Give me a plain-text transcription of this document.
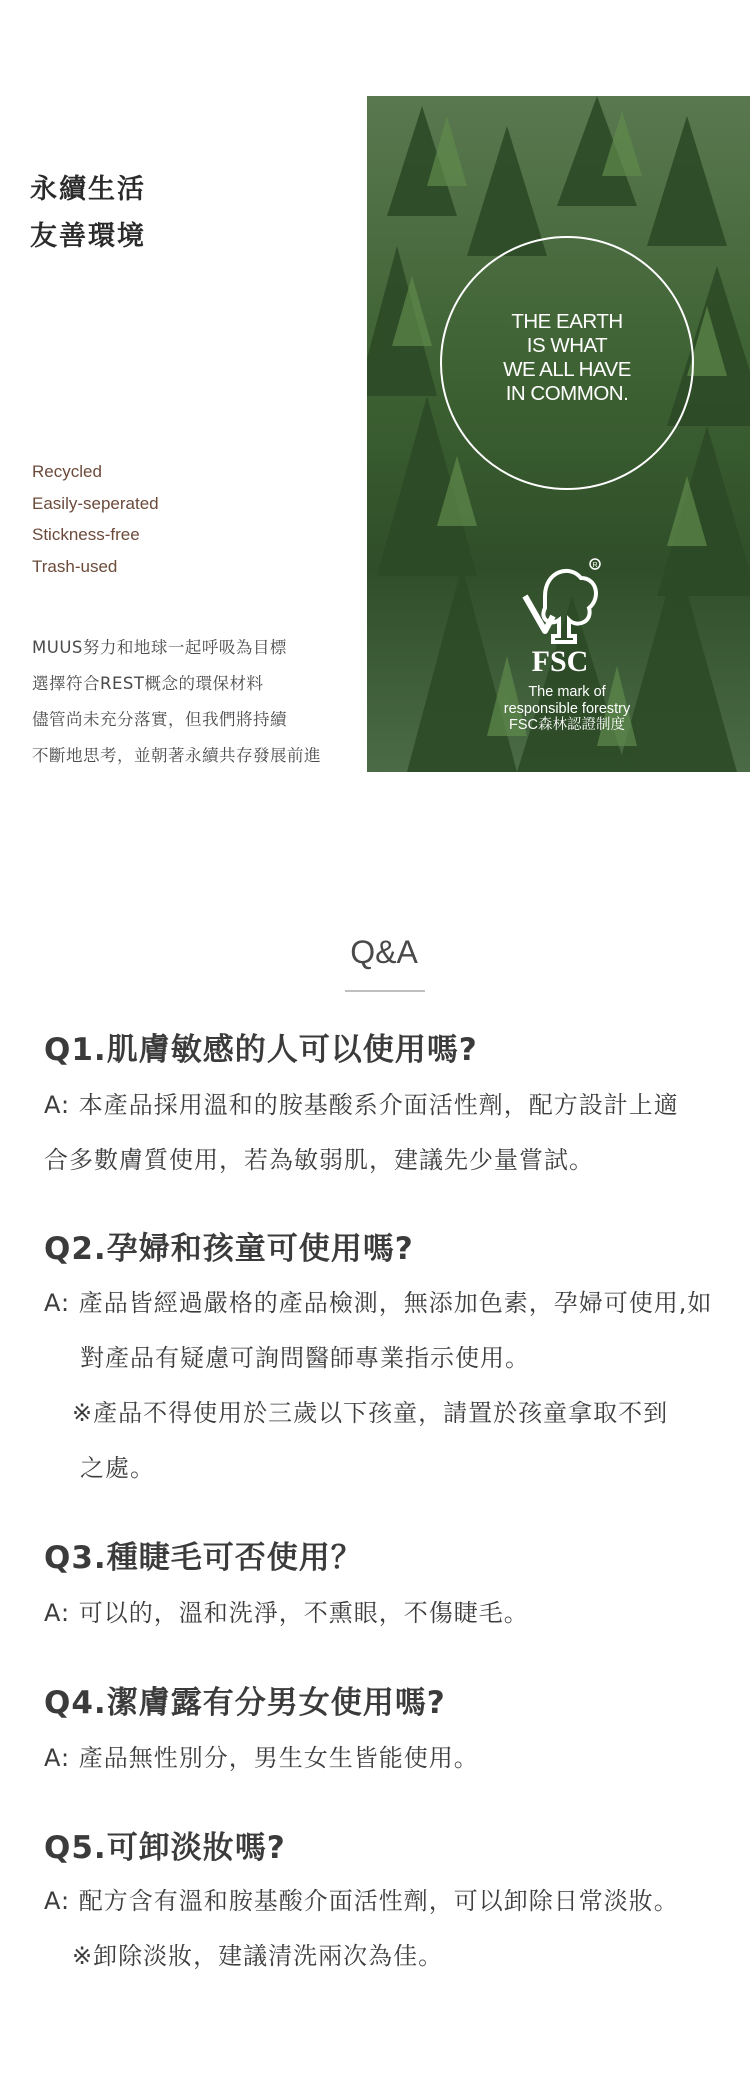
永續生活
友善環境
Recycled
Easily-seperated
Stickness-free
Trash-used
MUUS努力和地球一起呼吸為目標
選擇符合REST概念的環保材料
儘管尚未充分落實，但我們將持續
不斷地思考，並朝著永續共存發展前進
THE EARTH
IS WHAT
WE ALL HAVE
IN COMMON.
R
FSC
The mark of
responsible forestry
FSC森林認證制度
Q&A
Q1.肌膚敏感的人可以使用嗎?
A: 本產品採用溫和的胺基酸系介面活性劑，配方設計上適
合多數膚質使用，若為敏弱肌，建議先少量嘗試。
Q2.孕婦和孩童可使用嗎?
A: 產品皆經過嚴格的產品檢測，無添加色素，孕婦可使用,如
對產品有疑慮可詢問醫師專業指示使用。
※產品不得使用於三歲以下孩童，請置於孩童拿取不到
之處。
Q3.種睫毛可否使用？
A: 可以的，溫和洗淨，不熏眼，不傷睫毛。
Q4.潔膚露有分男女使用嗎?
A: 產品無性別分，男生女生皆能使用。
Q5.可卸淡妝嗎?
A: 配方含有溫和胺基酸介面活性劑，可以卸除日常淡妝。
※卸除淡妝，建議清洗兩次為佳。
